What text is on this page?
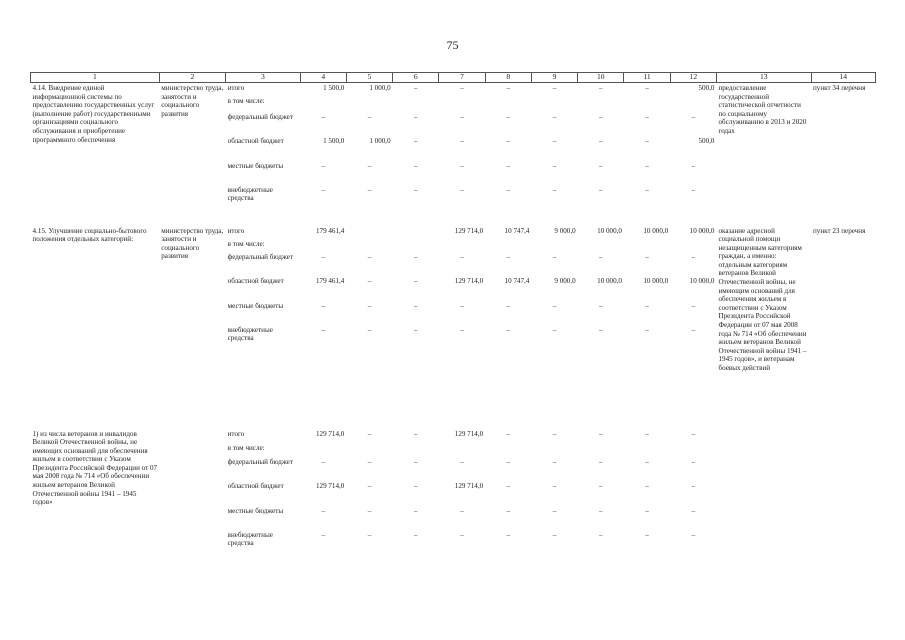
75
1	2	3	4	5	6	7	8	9	10	11	12	13	14
4.14. Внедрение единой информационной системы по предоставлению государственных услуг (выполнение работ) государственными организациями социального обслуживания и приобретение программного обеспечения	министерство труда, занятости и социального развития	итого	1 500,0	1 000,0	–	–	–	–	–	–	500,0	предоставление государственной статистической отчетности по социальному обслуживанию в 2013 и 2020 годах	пункт 34 перечня
		в том числе:											
		федеральный бюджет	–	–	–	–	–	–	–	–	–		
		областной бюджет	1 500,0	1 000,0	–	–	–	–	–	–	500,0		
		местные бюджеты	–	–	–	–	–	–	–	–	–		
		внебюджетные средства	–	–	–	–	–	–	–	–	–		

4.15. Улучшение социально-бытового положения отдельных категорий:	министерство труда, занятости и социального развития	итого	179 461,4			129 714,0	10 747,4	9 000,0	10 000,0	10 000,0	10 000,0	оказание адресной социальной помощи незащищенным категориям граждан, а именно: отдельным категориям ветеранов Великой Отечественной войны, не имеющим оснований для обеспечения жильем в соответствии с Указом Президента Российской Федерации от 07 мая 2008 года № 714 «Об обеспечении жильем ветеранов Великой Отечественной войны 1941 – 1945 годов», и ветеранам боевых действий	пункт 23 перечня
		в том числе:											
		федеральный бюджет	–	–	–	–	–	–	–	–	–		
		областной бюджет	179 461,4	–	–	129 714,0	10 747,4	9 000,0	10 000,0	10 000,0	10 000,0		
		местные бюджеты	–	–	–	–	–	–	–	–	–		
		внебюджетные средства	–	–	–	–	–	–	–	–	–		

1) из числа ветеранов и инвалидов Великой Отечественной войны, не имеющих оснований для обеспечения жильем в соответствии с Указом Президента Российской Федерации от 07 мая 2008 года № 714 «Об обеспечении жильем ветеранов Великой Отечественной войны 1941 – 1945 годов»		итого	129 714,0	–	–	129 714,0	–	–	–	–	–		
		в том числе:											
		федеральный бюджет	–	–	–	–	–	–	–	–	–		
		областной бюджет	129 714,0	–	–	129 714,0	–	–	–	–	–		
		местные бюджеты	–	–	–	–	–	–	–	–	–		
		внебюджетные средства	–	–	–	–	–	–	–	–	–		
